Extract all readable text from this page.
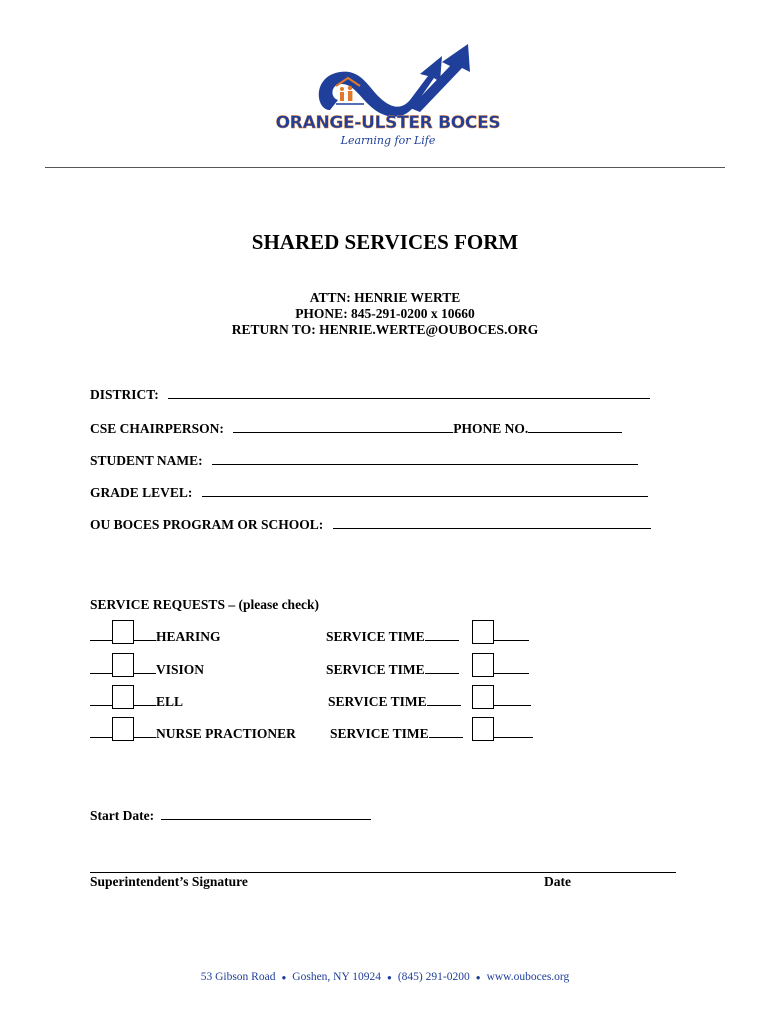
ORANGE-ULSTER BOCES
Learning for Life
SHARED SERVICES FORM
ATTN: HENRIE WERTE
PHONE: 845-291-0200 x 10660
RETURN TO: HENRIE.WERTE@OUBOCES.ORG
DISTRICT:
CSE CHAIRPERSON:	PHONE NO.
STUDENT NAME:
GRADE LEVEL:
OU BOCES PROGRAM OR SCHOOL:
SERVICE REQUESTS – (please check)
HEARING	SERVICE TIME
VISION	SERVICE TIME
ELL	SERVICE TIME
NURSE PRACTIONER	SERVICE TIME
Start Date:
Superintendent’s Signature	Date
53 Gibson Road ● Goshen, NY 10924 ● (845) 291-0200 ● www.ouboces.org
